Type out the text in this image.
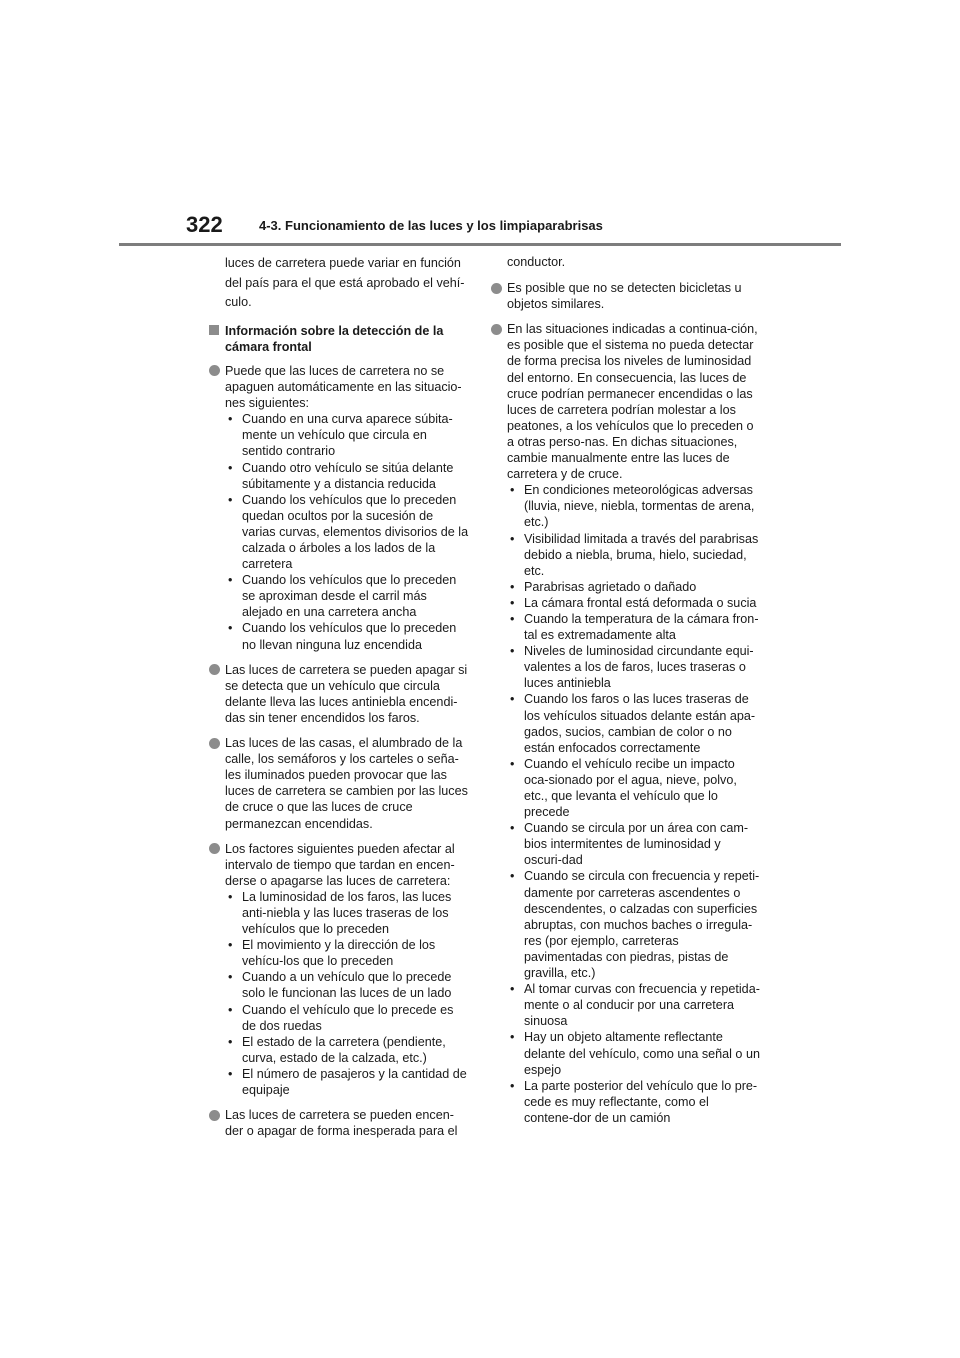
322	4-3. Funcionamiento de las luces y los limpiaparabrisas

luces de carretera puede variar en función del país para el que está aprobado el vehí-culo.

Información sobre la detección de la cámara frontal
Puede que las luces de carretera no se apaguen automáticamente en las situacio-nes siguientes:
• Cuando en una curva aparece súbita-mente un vehículo que circula en sentido contrario
• Cuando otro vehículo se sitúa delante súbitamente y a distancia reducida
• Cuando los vehículos que lo preceden quedan ocultos por la sucesión de varias curvas, elementos divisorios de la calzada o árboles a los lados de la carretera
• Cuando los vehículos que lo preceden se aproximan desde el carril más alejado en una carretera ancha
• Cuando los vehículos que lo preceden no llevan ninguna luz encendida
Las luces de carretera se pueden apagar si se detecta que un vehículo que circula delante lleva las luces antiniebla encendi-das sin tener encendidos los faros.
Las luces de las casas, el alumbrado de la calle, los semáforos y los carteles o seña-les iluminados pueden provocar que las luces de carretera se cambien por las luces de cruce o que las luces de cruce permanezcan encendidas.
Los factores siguientes pueden afectar al intervalo de tiempo que tardan en encen-derse o apagarse las luces de carretera:
• La luminosidad de los faros, las luces anti-niebla y las luces traseras de los vehículos que lo preceden
• El movimiento y la dirección de los vehícu-los que lo preceden
• Cuando a un vehículo que lo precede solo le funcionan las luces de un lado
• Cuando el vehículo que lo precede es de dos ruedas
• El estado de la carretera (pendiente, curva, estado de la calzada, etc.)
• El número de pasajeros y la cantidad de equipaje
Las luces de carretera se pueden encen-der o apagar de forma inesperada para el

conductor.

Es posible que no se detecten bicicletas u objetos similares.
En las situaciones indicadas a continua-ción, es posible que el sistema no pueda detectar de forma precisa los niveles de luminosidad del entorno. En consecuencia, las luces de cruce podrían permanecer encendidas o las luces de carretera podrían molestar a los peatones, a los vehículos que lo preceden o a otras perso-nas. En dichas situaciones, cambie manualmente entre las luces de carretera y de cruce.
• En condiciones meteorológicas adversas (lluvia, nieve, niebla, tormentas de arena, etc.)
• Visibilidad limitada a través del parabrisas debido a niebla, bruma, hielo, suciedad, etc.
• Parabrisas agrietado o dañado
• La cámara frontal está deformada o sucia
• Cuando la temperatura de la cámara fron-tal es extremadamente alta
• Niveles de luminosidad circundante equi-valentes a los de faros, luces traseras o luces antiniebla
• Cuando los faros o las luces traseras de los vehículos situados delante están apa-gados, sucios, cambian de color o no están enfocados correctamente
• Cuando el vehículo recibe un impacto oca-sionado por el agua, nieve, polvo, etc., que levanta el vehículo que lo precede
• Cuando se circula por un área con cam-bios intermitentes de luminosidad y oscuri-dad
• Cuando se circula con frecuencia y repeti-damente por carreteras ascendentes o descendentes, o calzadas con superficies abruptas, con muchos baches o irregula-res (por ejemplo, carreteras pavimentadas con piedras, pistas de gravilla, etc.)
• Al tomar curvas con frecuencia y repetida-mente o al conducir por una carretera sinuosa
• Hay un objeto altamente reflectante delante del vehículo, como una señal o un espejo
• La parte posterior del vehículo que lo pre-cede es muy reflectante, como el contene-dor de un camión
